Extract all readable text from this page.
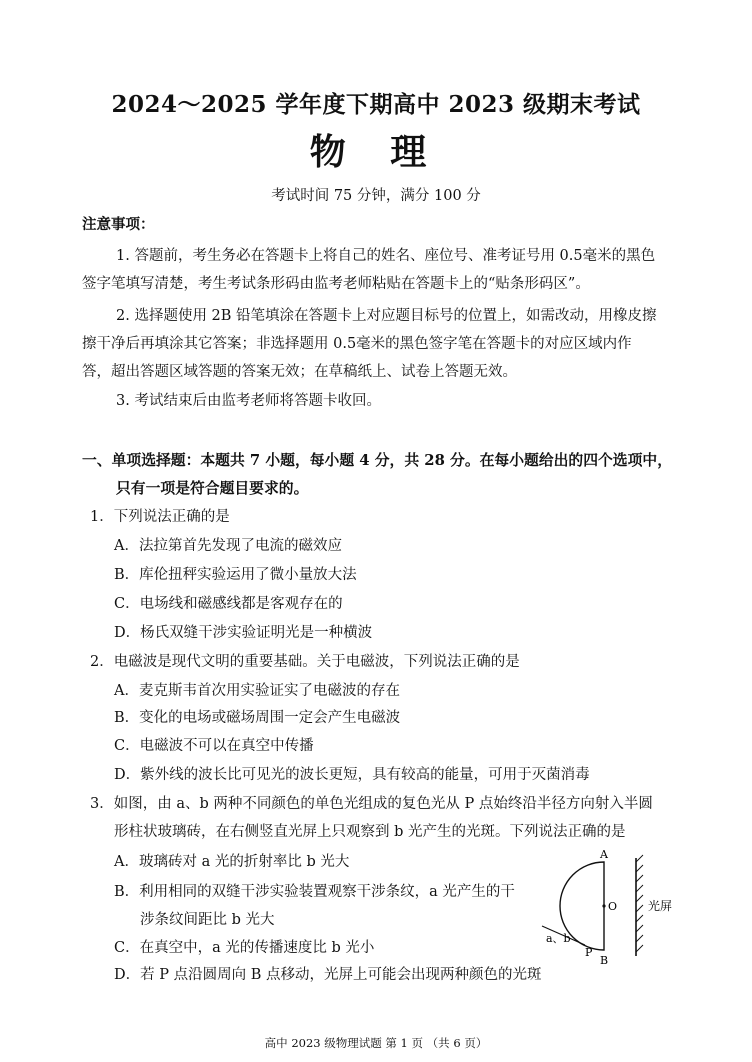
2024～2025 学年度下期高中 2023 级期末考试
物 理
考试时间 75 分钟，满分 100 分
注意事项：
1. 答题前，考生务必在答题卡上将自己的姓名、座位号、准考证号用 0.5毫米的黑色
签字笔填写清楚，考生考试条形码由监考老师粘贴在答题卡上的“贴条形码区”。
2. 选择题使用 2B 铅笔填涂在答题卡上对应题目标号的位置上，如需改动，用橡皮擦
擦干净后再填涂其它答案；非选择题用 0.5毫米的黑色签字笔在答题卡的对应区域内作
答，超出答题区域答题的答案无效；在草稿纸上、试卷上答题无效。
3. 考试结束后由监考老师将答题卡收回。
一、单项选择题：本题共 7 小题，每小题 4 分，共 28 分。在每小题给出的四个选项中，
只有一项是符合题目要求的。
1．下列说法正确的是
A．法拉第首先发现了电流的磁效应
B．库伦扭秤实验运用了微小量放大法
C．电场线和磁感线都是客观存在的
D．杨氏双缝干涉实验证明光是一种横波
2．电磁波是现代文明的重要基础。关于电磁波，下列说法正确的是
A．麦克斯韦首次用实验证实了电磁波的存在
B．变化的电场或磁场周围一定会产生电磁波
C．电磁波不可以在真空中传播
D．紫外线的波长比可见光的波长更短，具有较高的能量，可用于灭菌消毒
3．如图，由 a、b 两种不同颜色的单色光组成的复色光从 P 点始终沿半径方向射入半圆
形柱状玻璃砖，在右侧竖直光屏上只观察到 b 光产生的光斑。下列说法正确的是
A．玻璃砖对 a 光的折射率比 b 光大
B．利用相同的双缝干涉实验装置观察干涉条纹，a 光产生的干
涉条纹间距比 b 光大
C．在真空中，a 光的传播速度比 b 光小
D．若 P 点沿圆周向 B 点移动，光屏上可能会出现两种颜色的光斑
A
O
B
P
a、b
光屏
高中 2023 级物理试题 第 1 页 （共 6 页）
